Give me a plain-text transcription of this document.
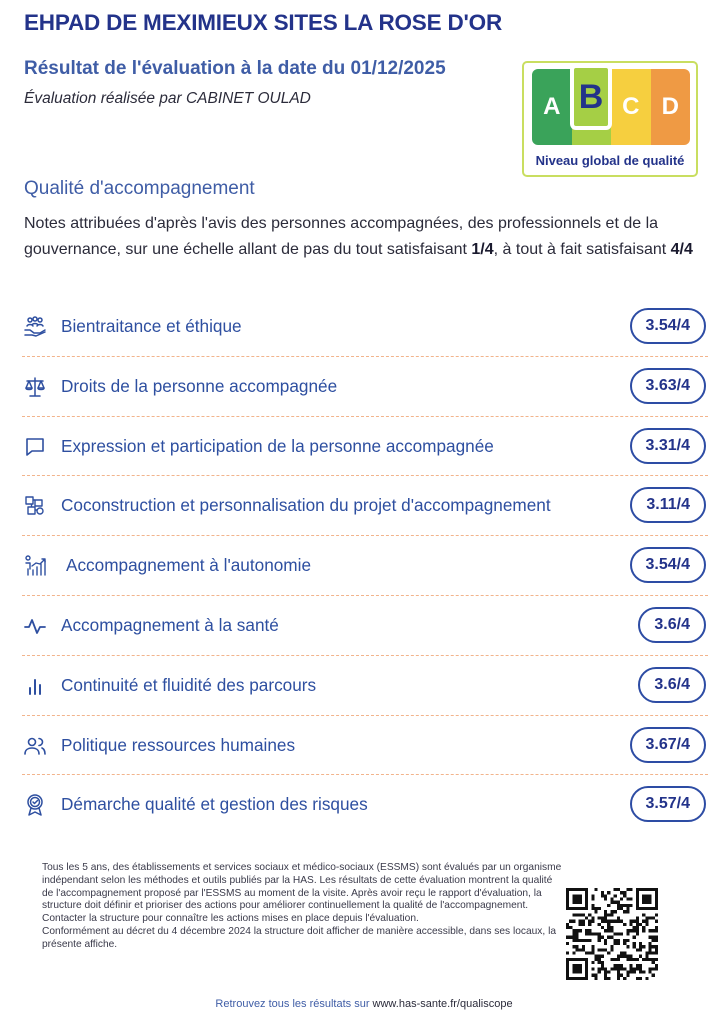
EHPAD DE MEXIMIEUX SITES LA ROSE D'OR
Résultat de l'évaluation à la date du 01/12/2025

Évaluation réalisée par CABINET OULAD	A	C D
B
Niveau global de qualité
Qualité d'accompagnement

Notes attribuées d'après l'avis des personnes accompagnées, des professionnels et de la gouvernance, sur une échelle allant de pas du tout satisfaisant 1/4, à tout à fait satisfaisant 4/4

Bientraitance et éthique	3.54/4
Droits de la personne accompagnée	3.63/4
Expression et participation de la personne accompagnée	3.31/4
Coconstruction et personnalisation du projet d'accompagnement	3.11/4
Accompagnement à l'autonomie	3.54/4
Accompagnement à la santé	3.6/4
Continuité et fluidité des parcours	3.6/4
Politique ressources humaines	3.67/4
Démarche qualité et gestion des risques	3.57/4

Tous les 5 ans, des établissements et services sociaux et médico-sociaux (ESSMS) sont évalués par un organisme indépendant selon les méthodes et outils publiés par la HAS. Les résultats de cette évaluation montrent la qualité de l'accompagnement proposé par l'ESSMS au moment de la visite. Après avoir reçu le rapport d'évaluation, la structure doit définir et prioriser des actions pour améliorer continuellement la qualité de l'accompagnement.
Contacter la structure pour connaître les actions mises en place depuis l'évaluation.
Conformément au décret du 4 décembre 2024 la structure doit afficher de manière accessible, dans ses locaux, la présente affiche.

Retrouvez tous les résultats sur www.has-sante.fr/qualiscope
